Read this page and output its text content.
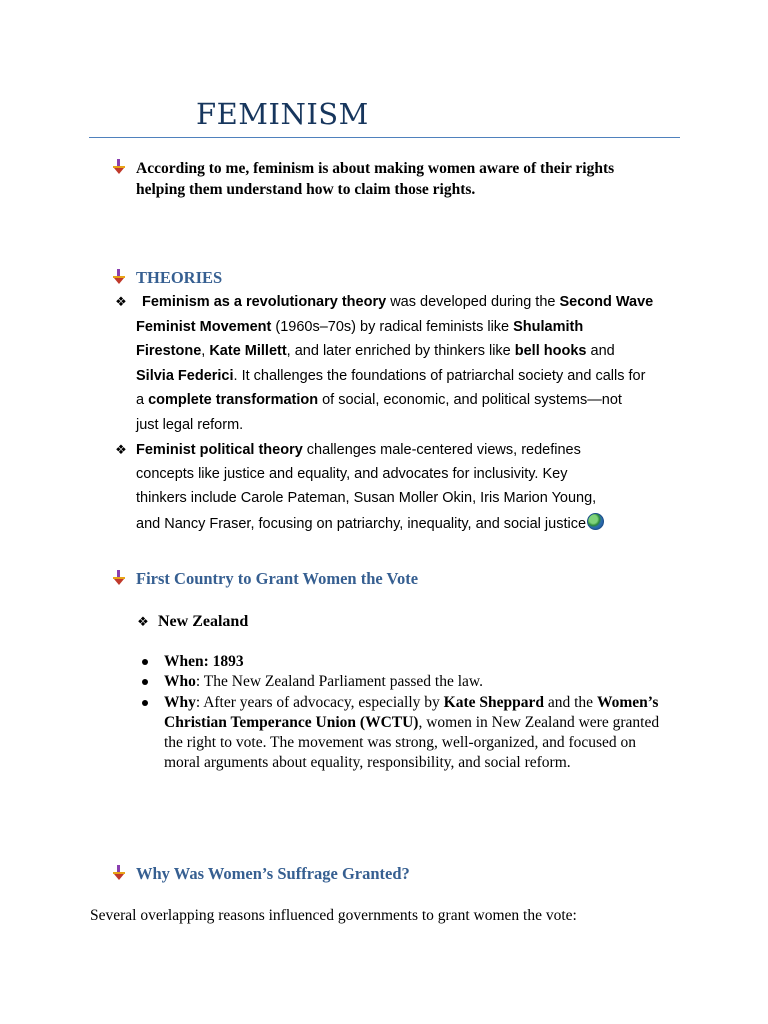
FEMINISM
According to me, feminism is about making women aware of their rights
helping them understand how to claim those rights.
THEORIES
❖	Feminism as a revolutionary theory was developed during the Second Wave
Feminist Movement (1960s–70s) by radical feminists like Shulamith
Firestone, Kate Millett, and later enriched by thinkers like bell hooks and
Silvia Federici. It challenges the foundations of patriarchal society and calls for
a complete transformation of social, economic, and political systems—not
just legal reform.
❖ Feminist political theory challenges male-centered views, redefines
concepts like justice and equality, and advocates for inclusivity. Key
thinkers include Carole Pateman, Susan Moller Okin, Iris Marion Young,
and Nancy Fraser, focusing on patriarchy, inequality, and social justice
First Country to Grant Women the Vote
❖ New Zealand
When: 1893
Who: The New Zealand Parliament passed the law.
Why: After years of advocacy, especially by Kate Sheppard and the Women’s Christian Temperance Union (WCTU), women in New Zealand were granted the right to vote. The movement was strong, well-organized, and focused on moral arguments about equality, responsibility, and social reform.
Why Was Women’s Suffrage Granted?
Several overlapping reasons influenced governments to grant women the vote:
